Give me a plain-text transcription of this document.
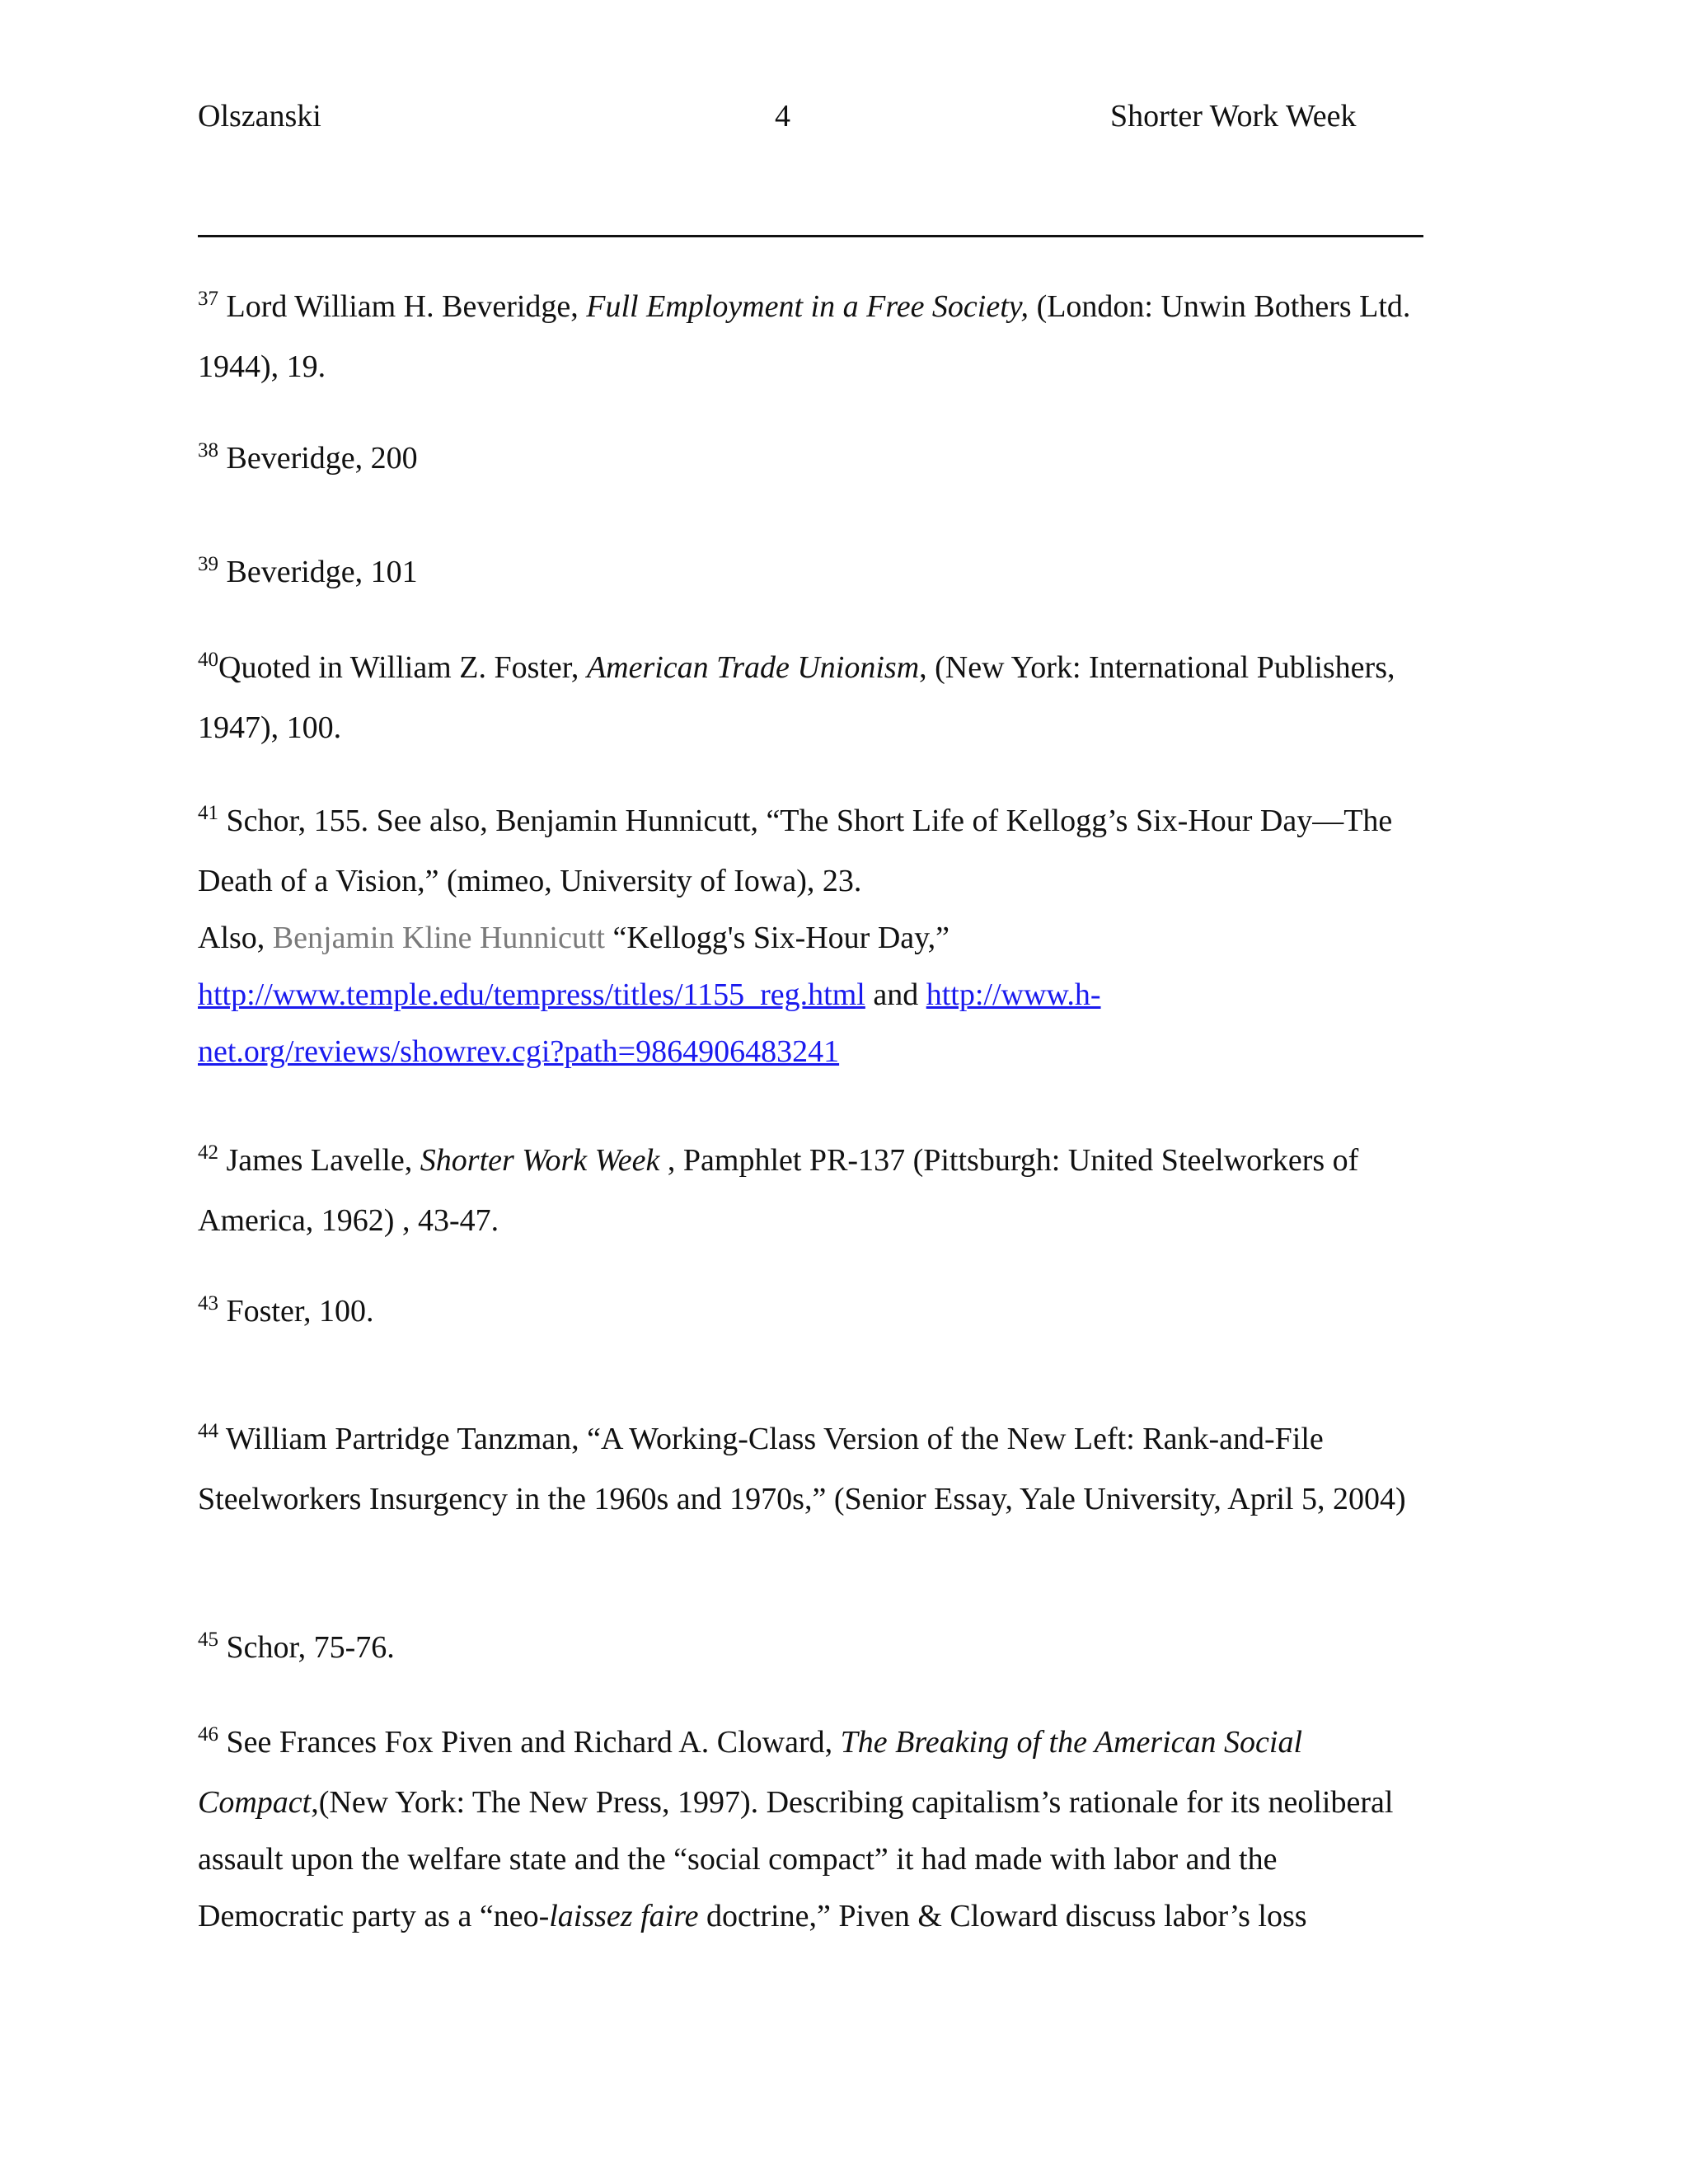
Olszanski	4	Shorter Work Week
$^{37}$ Lord William H. Beveridge, Full Employment in a Free Society, (London: Unwin Bothers Ltd. 1944), 19.
$^{38}$ Beveridge, 200
$^{39}$ Beveridge, 101
$^{40}$Quoted in William Z. Foster, American Trade Unionism, (New York: International Publishers, 1947), 100.
$^{41}$ Schor, 155. See also, Benjamin Hunnicutt, “The Short Life of Kellogg’s Six-Hour Day—The Death of a Vision,” (mimeo, University of Iowa), 23.
Also, Benjamin Kline Hunnicutt “Kellogg's Six-Hour Day,”
http://www.temple.edu/tempress/titles/1155_reg.html and http://www.h-net.org/reviews/showrev.cgi?path=9864906483241
$^{42}$ James Lavelle, Shorter Work Week , Pamphlet PR-137 (Pittsburgh: United Steelworkers of America, 1962) , 43-47.
$^{43}$ Foster, 100.
$^{44}$ William Partridge Tanzman, “A Working-Class Version of the New Left: Rank-and-File Steelworkers Insurgency in the 1960s and 1970s,” (Senior Essay, Yale University, April 5, 2004)
$^{45}$ Schor, 75-76.
$^{46}$ See Frances Fox Piven and Richard A. Cloward, The Breaking of the American Social Compact,(New York: The New Press, 1997). Describing capitalism’s rationale for its neoliberal assault upon the welfare state and the “social compact” it had made with labor and the Democratic party as a “neo-laissez faire doctrine,” Piven & Cloward discuss labor’s loss
